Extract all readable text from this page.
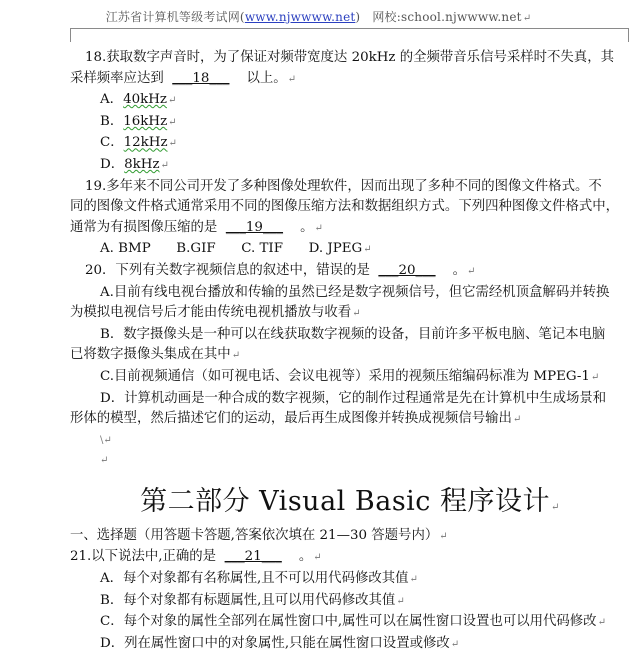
江苏省计算机等级考试网(www.njwwww.net) 网校:school.njwwww.net↵
18.获取数字声音时，为了保证对频带宽度达 20kHz 的全频带音乐信号采样时不失真，其
采样频率应达到 ___18___ 以上。↵
A．40kHz↵
B．16kHz↵
C．12kHz↵
D．8kHz↵
19.多年来不同公司开发了多种图像处理软件，因而出现了多种不同的图像文件格式。不
同的图像文件格式通常采用不同的图像压缩方法和数据组织方式。下列四种图像文件格式中，
通常为有损图像压缩的是 ___19___ 。↵
A. BMP B.GIF C. TIF D. JPEG↵
20．下列有关数字视频信息的叙述中，错误的是 ___20___ 。↵
A.目前有线电视台播放和传输的虽然已经是数字视频信号，但它需经机顶盒解码并转换
为模拟电视信号后才能由传统电视机播放与收看↵
B．数字摄像头是一种可以在线获取数字视频的设备，目前许多平板电脑、笔记本电脑
已将数字摄像头集成在其中↵
C.目前视频通信（如可视电话、会议电视等）采用的视频压缩编码标准为 MPEG-1↵
D．计算机动画是一种合成的数字视频，它的制作过程通常是先在计算机中生成场景和
形体的模型，然后描述它们的运动，最后再生成图像并转换成视频信号输出↵
\↵
↵
第二部分 Visual Basic 程序设计↵
一、选择题（用答题卡答题,答案依次填在 21—30 答题号内）↵
21.以下说法中,正确的是 ___21___ 。↵
A．每个对象都有名称属性,且不可以用代码修改其值↵
B．每个对象都有标题属性,且可以用代码修改其值↵
C．每个对象的属性全部列在属性窗口中,属性可以在属性窗口设置也可以用代码修改↵
D．列在属性窗口中的对象属性,只能在属性窗口设置或修改↵
